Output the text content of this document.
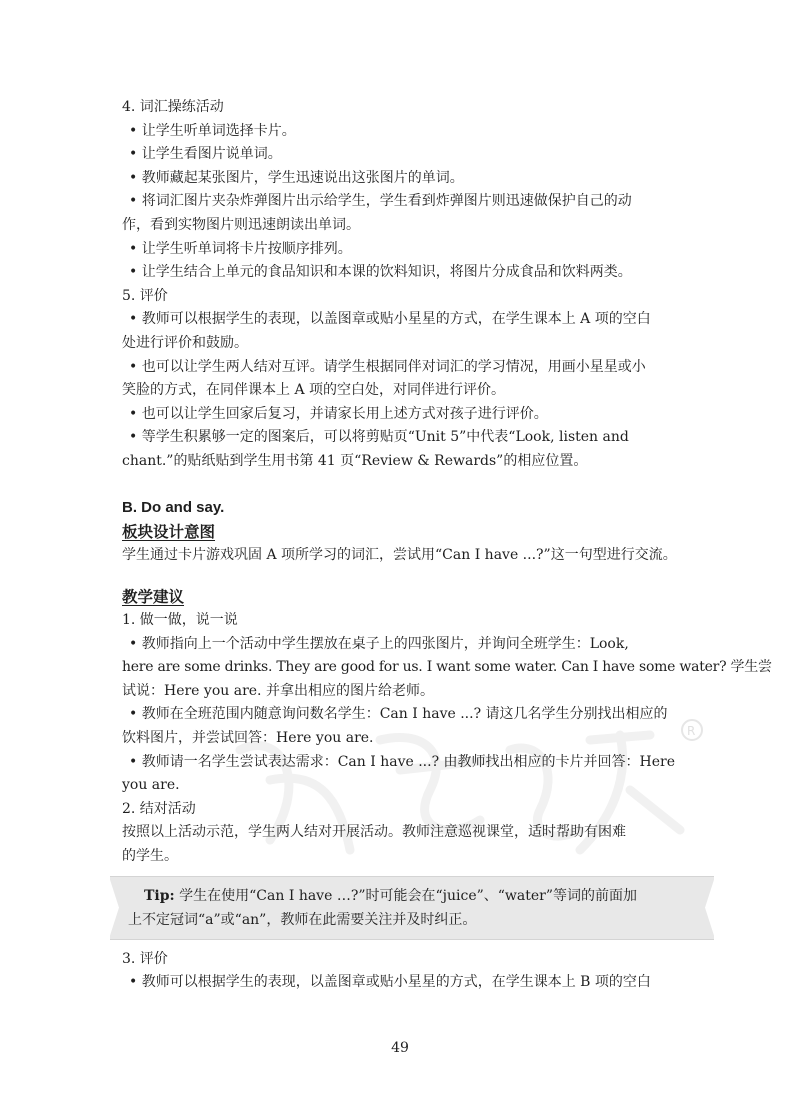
R

4. 词汇操练活动

• 让学生听单词选择卡片。

• 让学生看图片说单词。

• 教师藏起某张图片，学生迅速说出这张图片的单词。

• 将词汇图片夹杂炸弹图片出示给学生，学生看到炸弹图片则迅速做保护自己的动

作，看到实物图片则迅速朗读出单词。

• 让学生听单词将卡片按顺序排列。

• 让学生结合上单元的食品知识和本课的饮料知识，将图片分成食品和饮料两类。

5. 评价

• 教师可以根据学生的表现，以盖图章或贴小星星的方式，在学生课本上 A 项的空白

处进行评价和鼓励。

• 也可以让学生两人结对互评。请学生根据同伴对词汇的学习情况，用画小星星或小

笑脸的方式，在同伴课本上 A 项的空白处，对同伴进行评价。

• 也可以让学生回家后复习，并请家长用上述方式对孩子进行评价。

• 等学生积累够一定的图案后，可以将剪贴页“Unit 5”中代表“Look, listen and

chant.”的贴纸贴到学生用书第 41 页“Review & Rewards”的相应位置。

B. Do and say.

板块设计意图

学生通过卡片游戏巩固 A 项所学习的词汇，尝试用“Can I have ...?”这一句型进行交流。

教学建议

1. 做一做，说一说

• 教师指向上一个活动中学生摆放在桌子上的四张图片，并询问全班学生：Look,

here are some drinks. They are good for us. I want some water. Can I have some water? 学生尝

试说：Here you are. 并拿出相应的图片给老师。

• 教师在全班范围内随意询问数名学生：Can I have ...? 请这几名学生分别找出相应的

饮料图片，并尝试回答：Here you are.

• 教师请一名学生尝试表达需求：Can I have ...? 由教师找出相应的卡片并回答：Here

you are.

2. 结对活动

按照以上活动示范，学生两人结对开展活动。教师注意巡视课堂，适时帮助有困难

的学生。

Tip: 学生在使用“Can I have …?”时可能会在“juice”、“water”等词的前面加
上不定冠词“a”或“an”，教师在此需要关注并及时纠正。

3. 评价

• 教师可以根据学生的表现，以盖图章或贴小星星的方式，在学生课本上 B 项的空白

49
